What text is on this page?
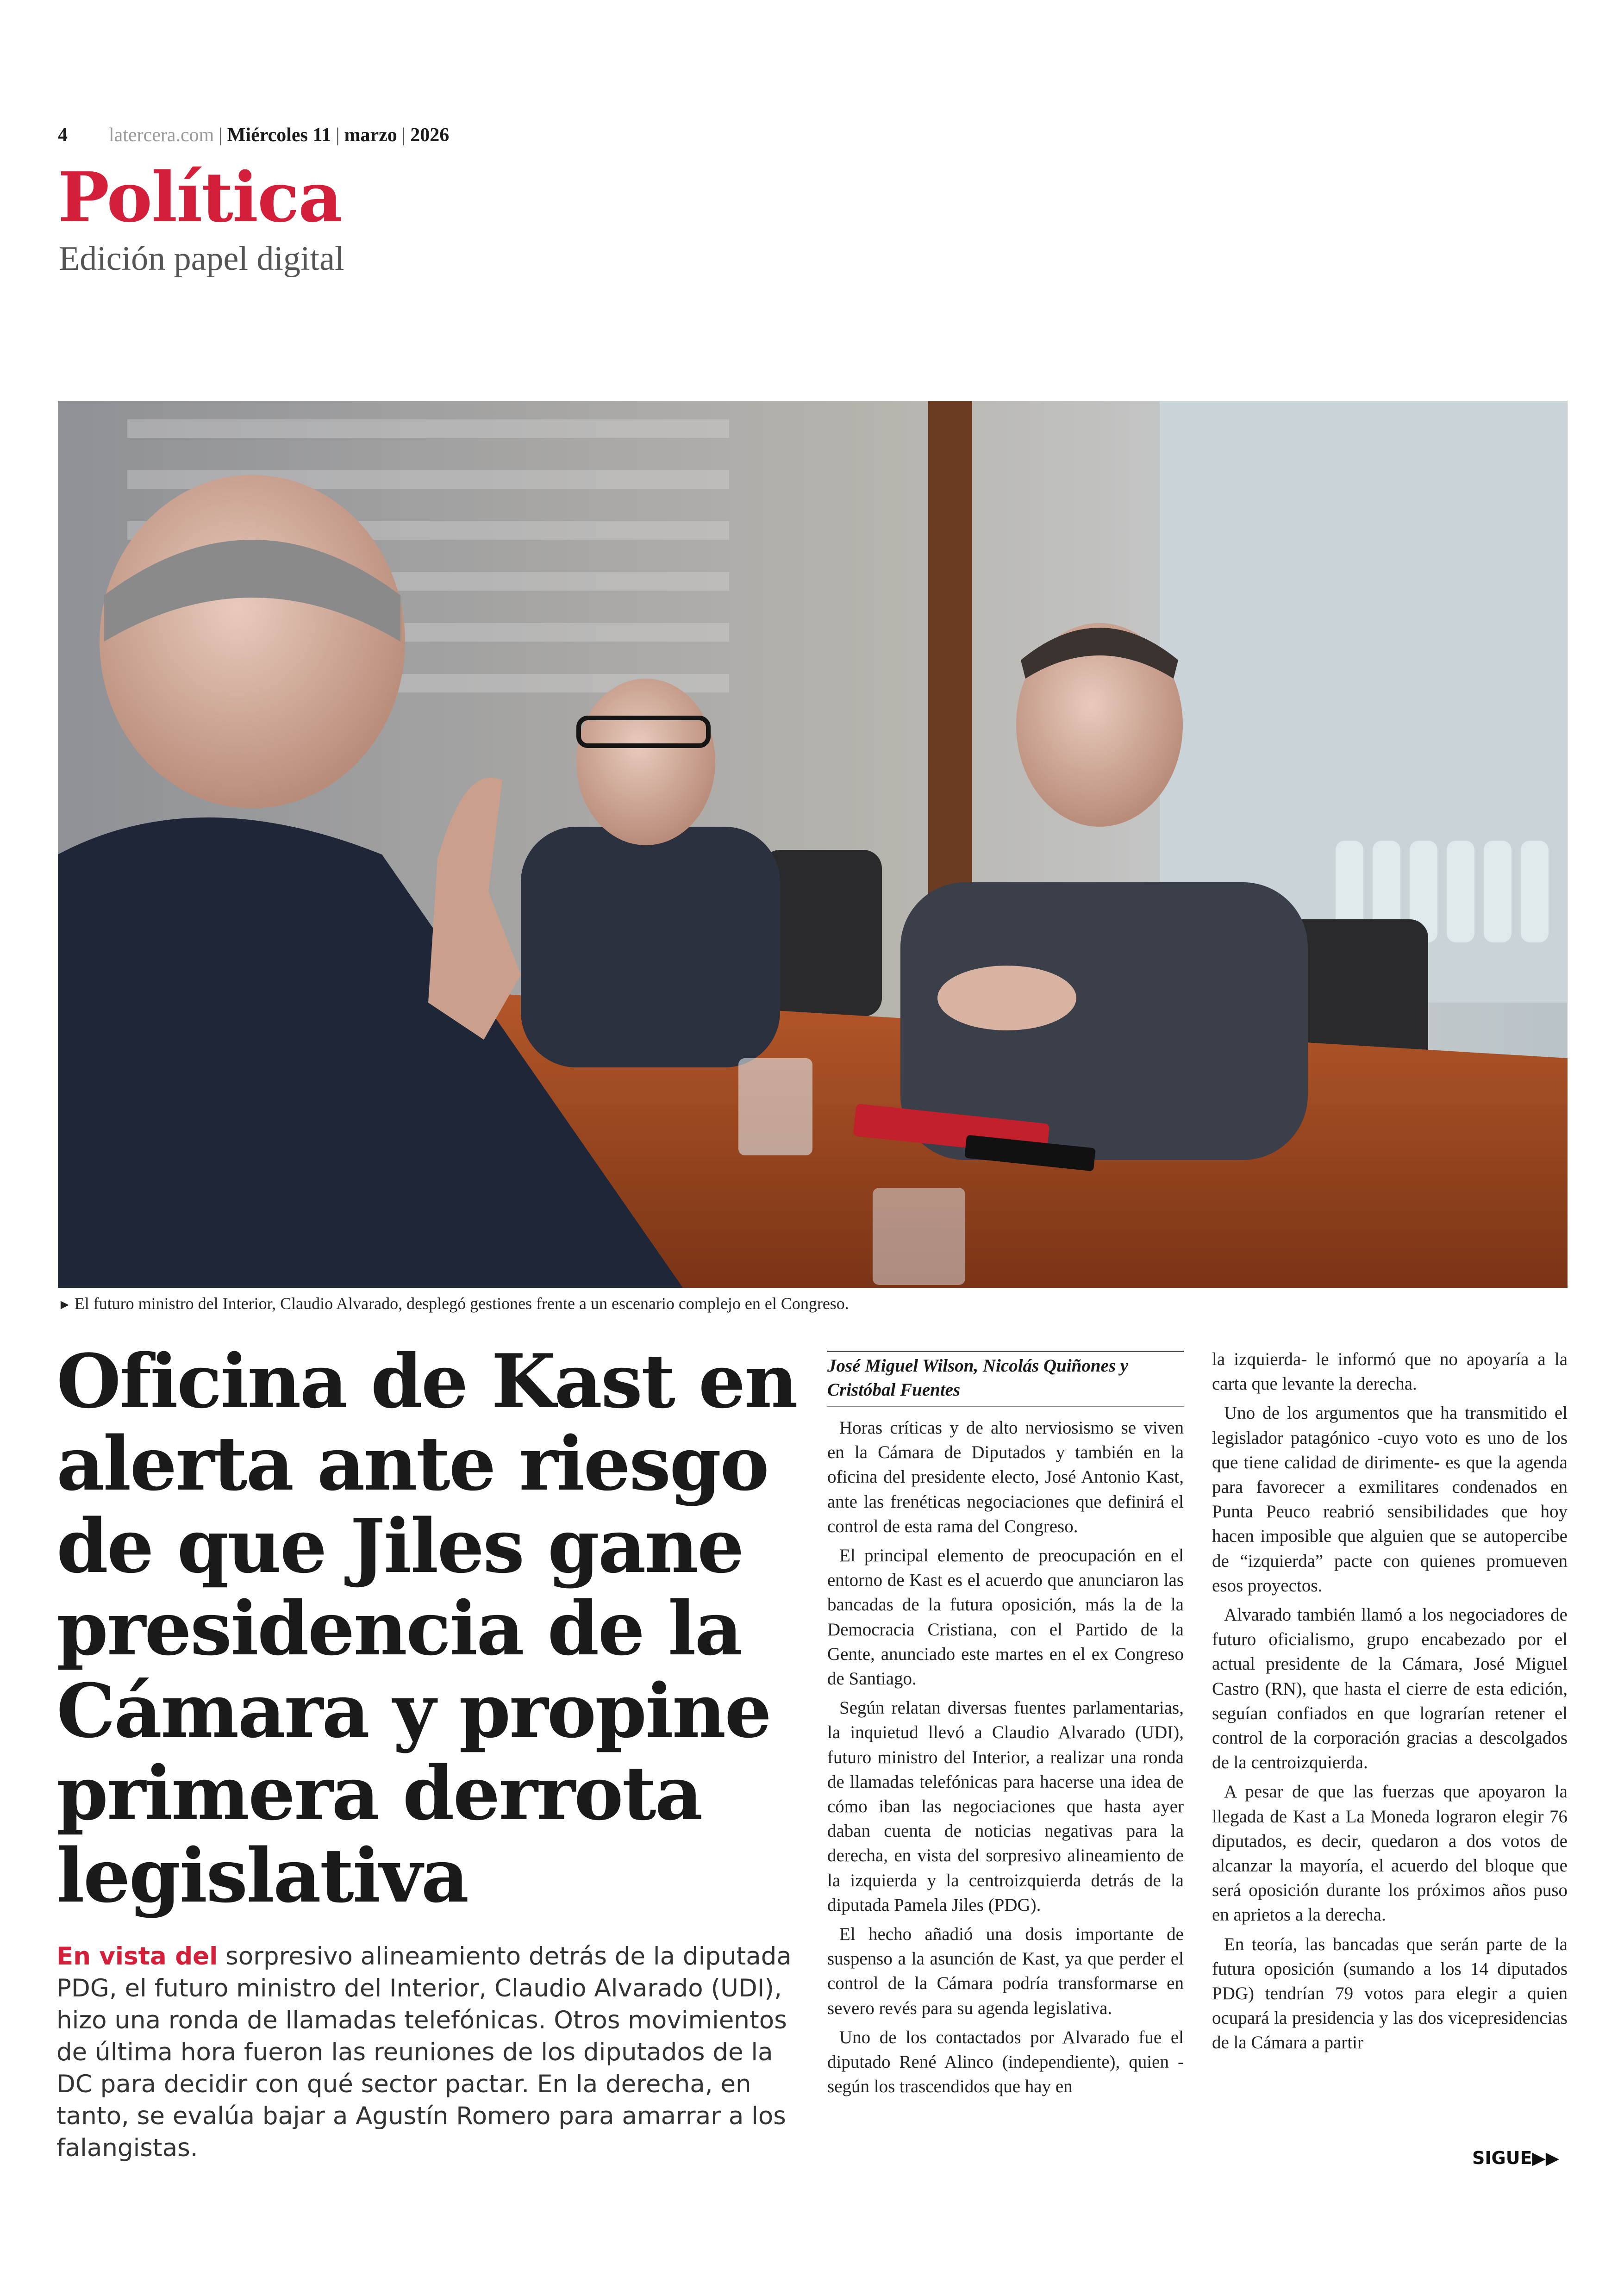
4 latercera.com | Miércoles 11 | marzo | 2026
Política
Edición papel digital
► El futuro ministro del Interior, Claudio Alvarado, desplegó gestiones frente a un escenario complejo en el Congreso.
Oficina de Kast en alerta ante riesgo de que Jiles gane presidencia de la Cámara y propine primera derrota legislativa
En vista del sorpresivo alineamiento detrás de la diputada PDG, el futuro ministro del Interior, Claudio Alvarado (UDI), hizo una ronda de llamadas telefónicas. Otros movimientos de última hora fueron las reuniones de los diputados de la DC para decidir con qué sector pactar. En la derecha, en tanto, se evalúa bajar a Agustín Romero para amarrar a los falangistas.
José Miguel Wilson, Nicolás Quiñones y Cristóbal Fuentes

Horas críticas y de alto nerviosismo se viven en la Cámara de Diputados y también en la oficina del presidente electo, José Antonio Kast, ante las frenéticas negociaciones que definirá el control de esta rama del Congreso.

El principal elemento de preocupación en el entorno de Kast es el acuerdo que anunciaron las bancadas de la futura oposición, más la de la Democracia Cristiana, con el Partido de la Gente, anunciado este martes en el ex Congreso de Santiago.

Según relatan diversas fuentes parlamentarias, la inquietud llevó a Claudio Alvarado (UDI), futuro ministro del Interior, a realizar una ronda de llamadas telefónicas para hacerse una idea de cómo iban las negociaciones que hasta ayer daban cuenta de noticias negativas para la derecha, en vista del sorpresivo alineamiento de la izquierda y la centroizquierda detrás de la diputada Pamela Jiles (PDG).

El hecho añadió una dosis importante de suspenso a la asunción de Kast, ya que perder el control de la Cámara podría transformarse en severo revés para su agenda legislativa.

Uno de los contactados por Alvarado fue el diputado René Alinco (independiente), quien -según los trascendidos que hay en

la izquierda- le informó que no apoyaría a la carta que levante la derecha.

Uno de los argumentos que ha transmitido el legislador patagónico -cuyo voto es uno de los que tiene calidad de dirimente- es que la agenda para favorecer a exmilitares condenados en Punta Peuco reabrió sensibilidades que hoy hacen imposible que alguien que se autopercibe de “izquierda” pacte con quienes promueven esos proyectos.

Alvarado también llamó a los negociadores de futuro oficialismo, grupo encabezado por el actual presidente de la Cámara, José Miguel Castro (RN), que hasta el cierre de esta edición, seguían confiados en que lograrían retener el control de la corporación gracias a descolgados de la centroizquierda.

A pesar de que las fuerzas que apoyaron la llegada de Kast a La Moneda lograron elegir 76 diputados, es decir, quedaron a dos votos de alcanzar la mayoría, el acuerdo del bloque que será oposición durante los próximos años puso en aprietos a la derecha.

En teoría, las bancadas que serán parte de la futura oposición (sumando a los 14 diputados PDG) tendrían 79 votos para elegir a quien ocupará la presidencia y las dos vicepresidencias de la Cámara a partir

SIGUE▶▶
